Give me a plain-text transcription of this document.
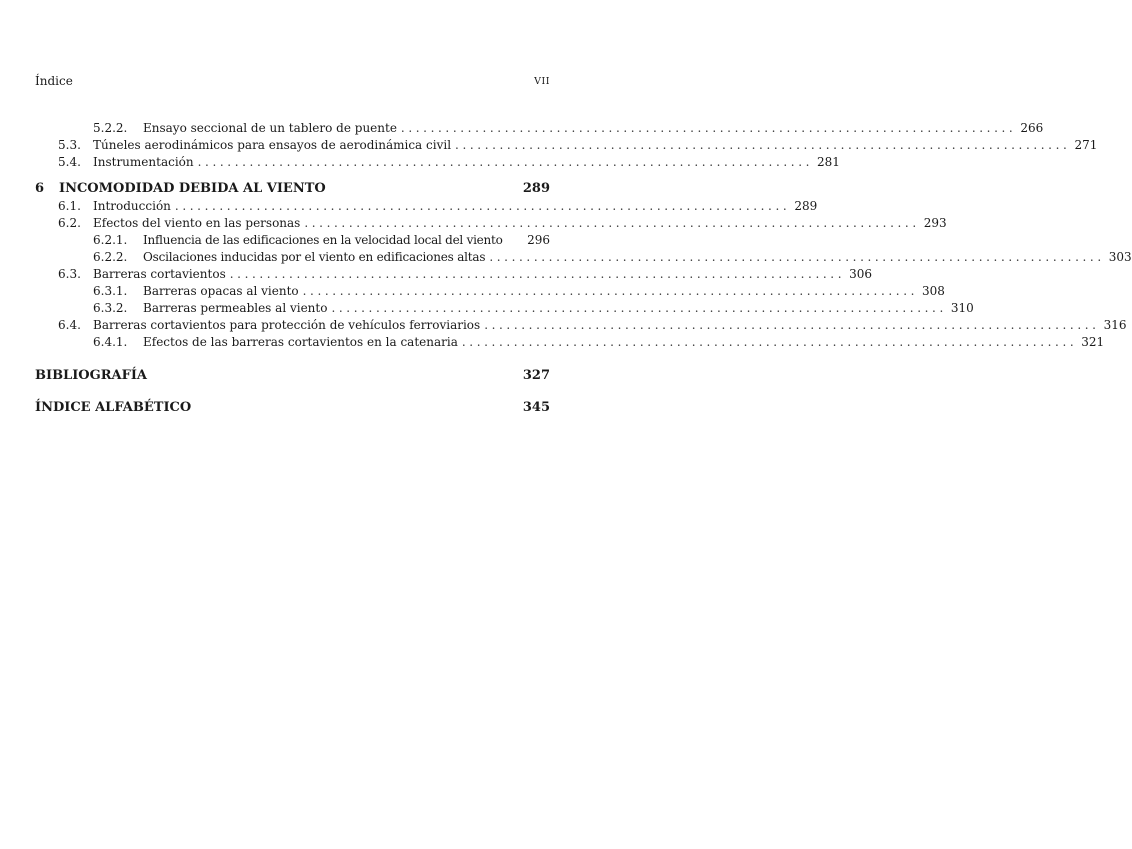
Índice	VII
5.2.2.	Ensayo seccional de un tablero de puente ................................................................................... 266
5.3.	Túneles aerodinámicos para ensayos de aerodinámica civil ................................................................................... 271
5.4.	Instrumentación ................................................................................... 281
6	INCOMODIDAD DEBIDA AL VIENTO	289
6.1.	Introducción ................................................................................... 289
6.2.	Efectos del viento en las personas ................................................................................... 293
6.2.1.	Influencia de las edificaciones en la velocidad local del viento 296
6.2.2.	Oscilaciones inducidas por el viento en edificaciones altas ................................................................................... 303
6.3.	Barreras cortavientos ................................................................................... 306
6.3.1.	Barreras opacas al viento ................................................................................... 308
6.3.2.	Barreras permeables al viento ................................................................................... 310
6.4.	Barreras cortavientos para protección de vehículos ferroviarios ................................................................................... 316
6.4.1.	Efectos de las barreras cortavientos en la catenaria ................................................................................... 321
BIBLIOGRAFÍA	327
ÍNDICE ALFABÉTICO	345
